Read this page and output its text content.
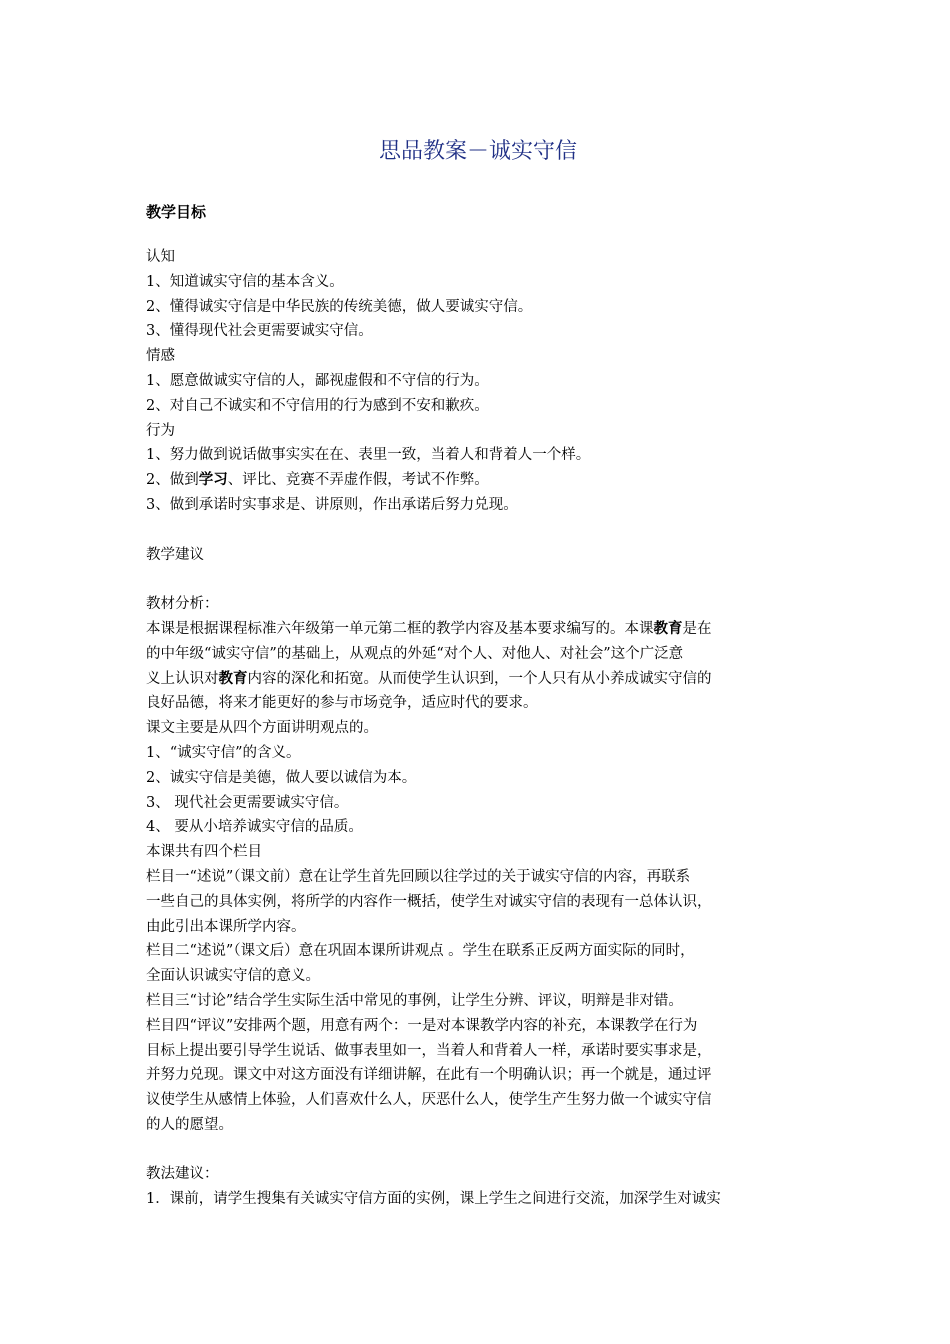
思品教案－诚实守信
教学目标
认知
1、知道诚实守信的基本含义。
2、懂得诚实守信是中华民族的传统美德，做人要诚实守信。
3、懂得现代社会更需要诚实守信。
情感
1、愿意做诚实守信的人，鄙视虚假和不守信的行为。
2、对自己不诚实和不守信用的行为感到不安和歉疚。
行为
1、努力做到说话做事实实在在、表里一致，当着人和背着人一个样。
2、做到学习、评比、竞赛不弄虚作假，考试不作弊。
3、做到承诺时实事求是、讲原则，作出承诺后努力兑现。
教学建议
教材分析：
本课是根据课程标准六年级第一单元第二框的教学内容及基本要求编写的。本课教育是在
的中年级“诚实守信”的基础上，从观点的外延“对个人、对他人、对社会”这个广泛意
义上认识对教育内容的深化和拓宽。从而使学生认识到，一个人只有从小养成诚实守信的
良好品德，将来才能更好的参与市场竞争，适应时代的要求。
课文主要是从四个方面讲明观点的。
1、“诚实守信”的含义。
2、诚实守信是美德，做人要以诚信为本。
3、 现代社会更需要诚实守信。
4、 要从小培养诚实守信的品质。
本课共有四个栏目
栏目一“述说”（课文前）意在让学生首先回顾以往学过的关于诚实守信的内容，再联系
一些自己的具体实例，将所学的内容作一概括，使学生对诚实守信的表现有一总体认识，
由此引出本课所学内容。
栏目二“述说”（课文后）意在巩固本课所讲观点 。学生在联系正反两方面实际的同时，
全面认识诚实守信的意义。
栏目三“讨论”结合学生实际生活中常见的事例，让学生分辨、评议，明辩是非对错。
栏目四“评议”安排两个题，用意有两个：一是对本课教学内容的补充，本课教学在行为
目标上提出要引导学生说话、做事表里如一，当着人和背着人一样，承诺时要实事求是，
并努力兑现。课文中对这方面没有详细讲解，在此有一个明确认识；再一个就是，通过评
议使学生从感情上体验，人们喜欢什么人，厌恶什么人，使学生产生努力做一个诚实守信
的人的愿望。
教法建议：
1．课前，请学生搜集有关诚实守信方面的实例，课上学生之间进行交流，加深学生对诚实
